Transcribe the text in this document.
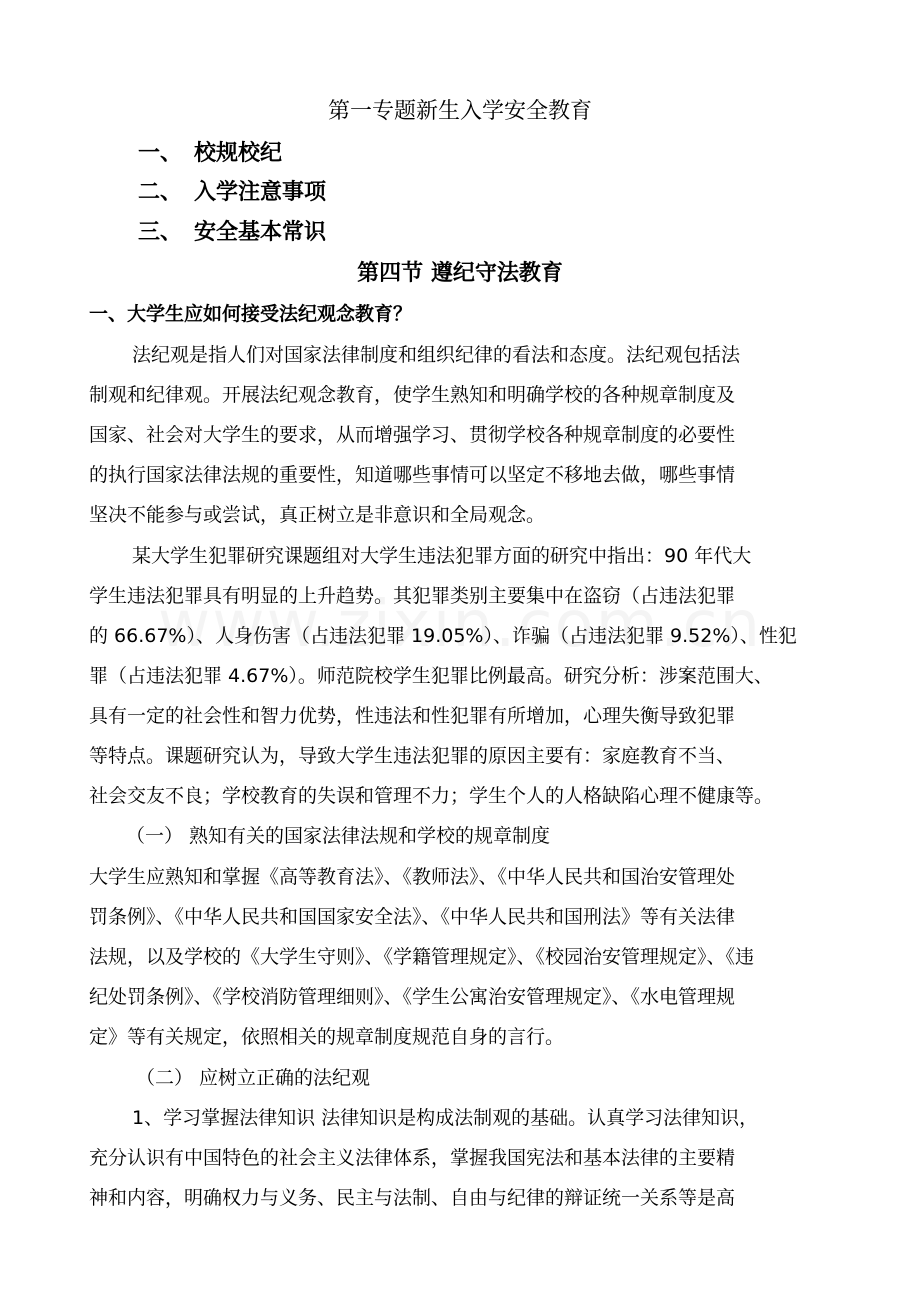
第一专题新生入学安全教育
一、 校规校纪
二、 入学注意事项
三、 安全基本常识
第四节 遵纪守法教育
一、大学生应如何接受法纪观念教育？
法纪观是指人们对国家法律制度和组织纪律的看法和态度。法纪观包括法
制观和纪律观。开展法纪观念教育，使学生熟知和明确学校的各种规章制度及
国家、社会对大学生的要求，从而增强学习、贯彻学校各种规章制度的必要性
的执行国家法律法规的重要性，知道哪些事情可以坚定不移地去做，哪些事情
坚决不能参与或尝试，真正树立是非意识和全局观念。
某大学生犯罪研究课题组对大学生违法犯罪方面的研究中指出：90 年代大
学生违法犯罪具有明显的上升趋势。其犯罪类别主要集中在盗窃（占违法犯罪
的 66.67%）、人身伤害（占违法犯罪 19.05%）、诈骗（占违法犯罪 9.52%）、性犯
罪（占违法犯罪 4.67%）。师范院校学生犯罪比例最高。研究分析：涉案范围大、
具有一定的社会性和智力优势，性违法和性犯罪有所增加，心理失衡导致犯罪
等特点。课题研究认为，导致大学生违法犯罪的原因主要有：家庭教育不当、
社会交友不良；学校教育的失误和管理不力；学生个人的人格缺陷心理不健康等。
（一） 熟知有关的国家法律法规和学校的规章制度
大学生应熟知和掌握《高等教育法》、《教师法》、《中华人民共和国治安管理处
罚条例》、《中华人民共和国国家安全法》、《中华人民共和国刑法》等有关法律
法规，以及学校的《大学生守则》、《学籍管理规定》、《校园治安管理规定》、《违
纪处罚条例》、《学校消防管理细则》、《学生公寓治安管理规定》、《水电管理规
定》等有关规定，依照相关的规章制度规范自身的言行。
（二） 应树立正确的法纪观
1、学习掌握法律知识 法律知识是构成法制观的基础。认真学习法律知识，
充分认识有中国特色的社会主义法律体系，掌握我国宪法和基本法律的主要精
神和内容，明确权力与义务、民主与法制、自由与纪律的辩证统一关系等是高
